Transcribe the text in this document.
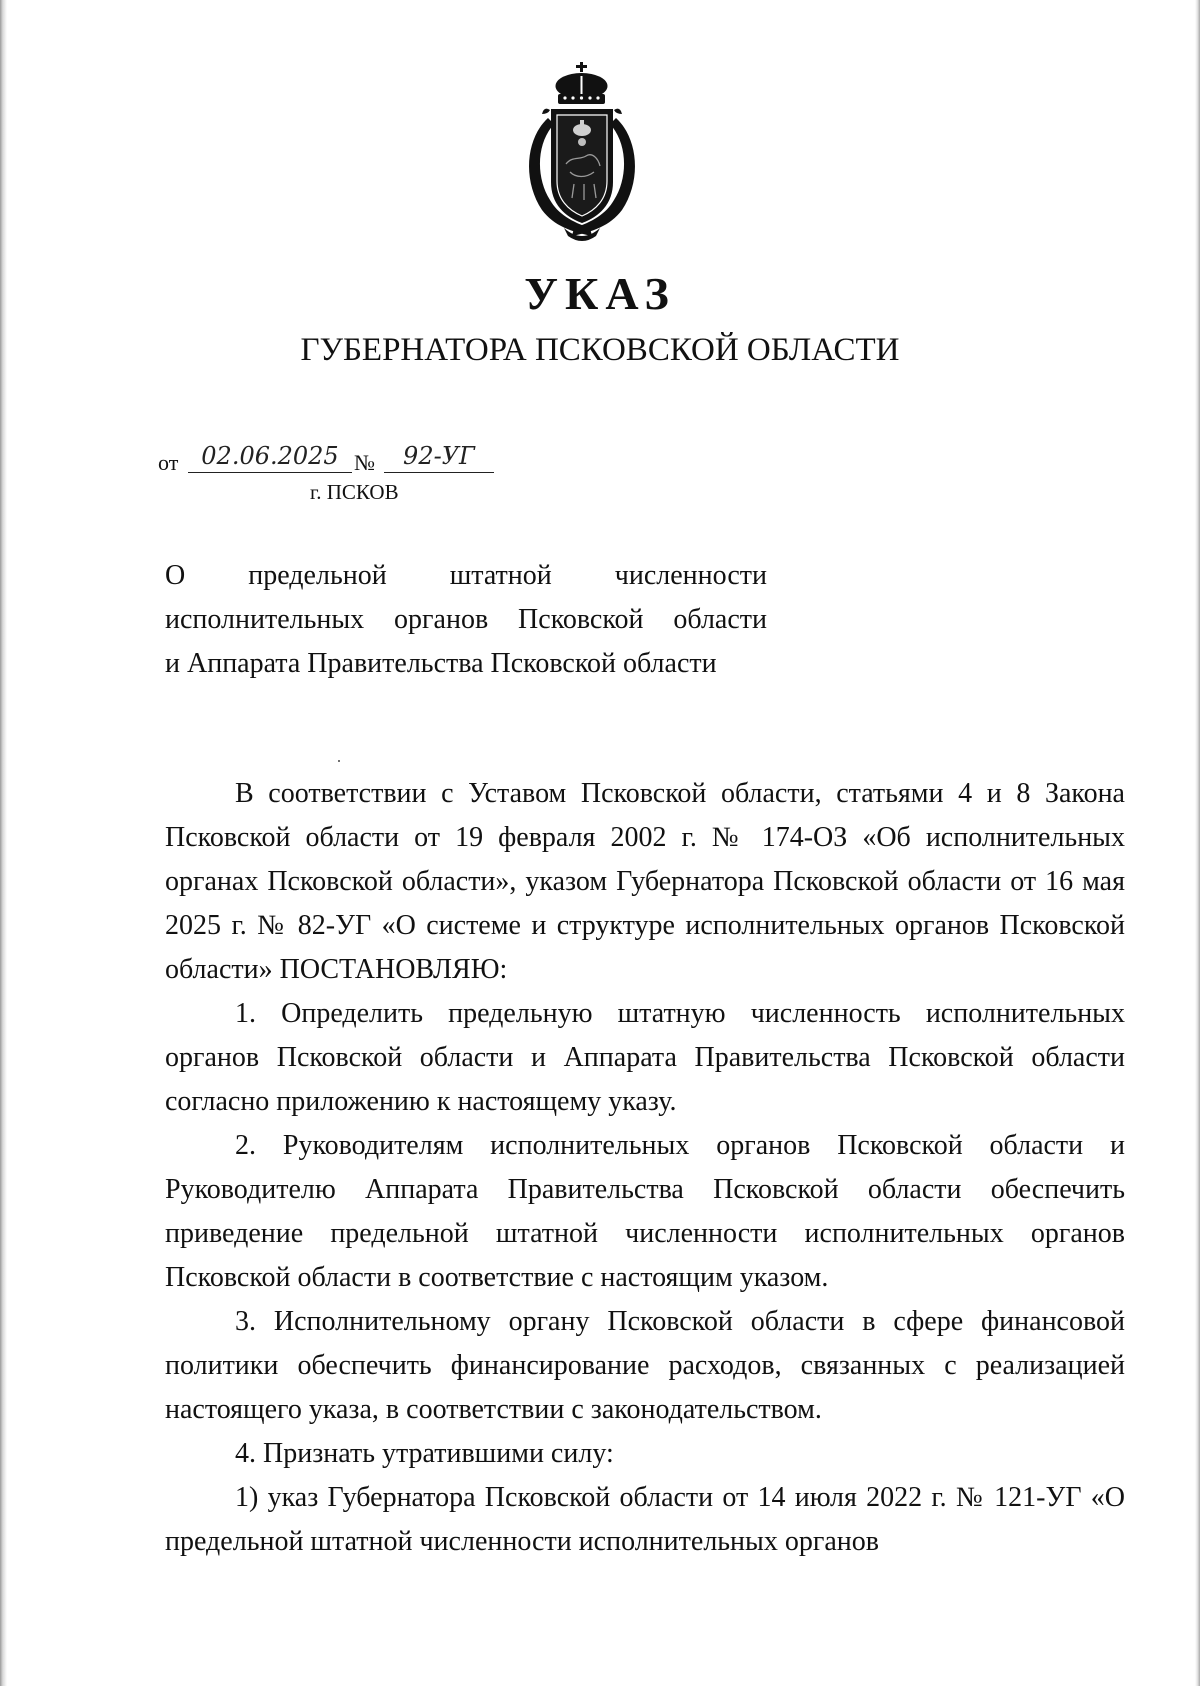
УКАЗ
ГУБЕРНАТОРА ПСКОВСКОЙ ОБЛАСТИ
от 02.06.2025 №	92-УГ
г. ПСКОВ
О предельной штатной численности
исполнительных органов Псковской области
и Аппарата Правительства Псковской области

В соответствии с Уставом Псковской области, статьями 4 и 8 Закона Псковской области от 19 февраля 2002 г. № 174-ОЗ «Об исполнительных органах Псковской области», указом Губернатора Псковской области от 16 мая 2025 г. № 82-УГ «О системе и структуре исполнительных органов Псковской области» ПОСТАНОВЛЯЮ:

1. Определить предельную штатную численность исполнительных органов Псковской области и Аппарата Правительства Псковской области согласно приложению к настоящему указу.

2. Руководителям исполнительных органов Псковской области и Руководителю Аппарата Правительства Псковской области обеспечить приведение предельной штатной численности исполнительных органов Псковской области в соответствие с настоящим указом.

3. Исполнительному органу Псковской области в сфере финансовой политики обеспечить финансирование расходов, связанных с реализацией настоящего указа, в соответствии с законодательством.

4. Признать утратившими силу:

1) указ Губернатора Псковской области от 14 июля 2022 г. № 121-УГ «О предельной штатной численности исполнительных органов
